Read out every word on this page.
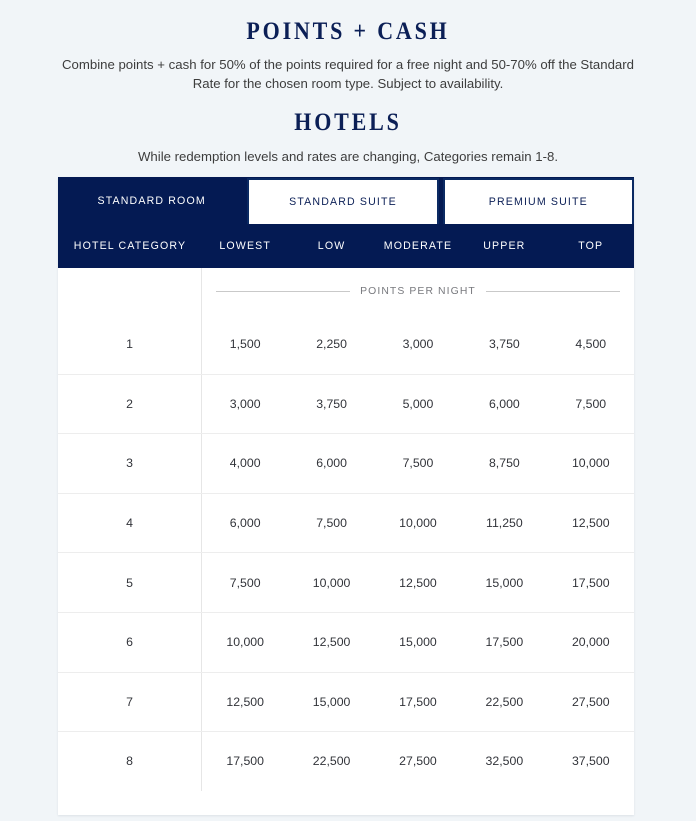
POINTS + CASH

Combine points + cash for 50% of the points required for a free night and 50-70% off the Standard Rate for the chosen room type. Subject to availability.

HOTELS

While redemption levels and rates are changing, Categories remain 1-8.

STANDARD ROOM	STANDARD SUITE	PREMIUM SUITE
HOTEL CATEGORY	LOWEST	LOW	MODERATE	UPPER	TOP
POINTS PER NIGHT
1	1,500	2,250	3,000	3,750	4,500
2	3,000	3,750	5,000	6,000	7,500
3	4,000	6,000	7,500	8,750	10,000
4	6,000	7,500	10,000	11,250	12,500
5	7,500	10,000	12,500	15,000	17,500
6	10,000	12,500	15,000	17,500	20,000
7	12,500	15,000	17,500	22,500	27,500
8	17,500	22,500	27,500	32,500	37,500
